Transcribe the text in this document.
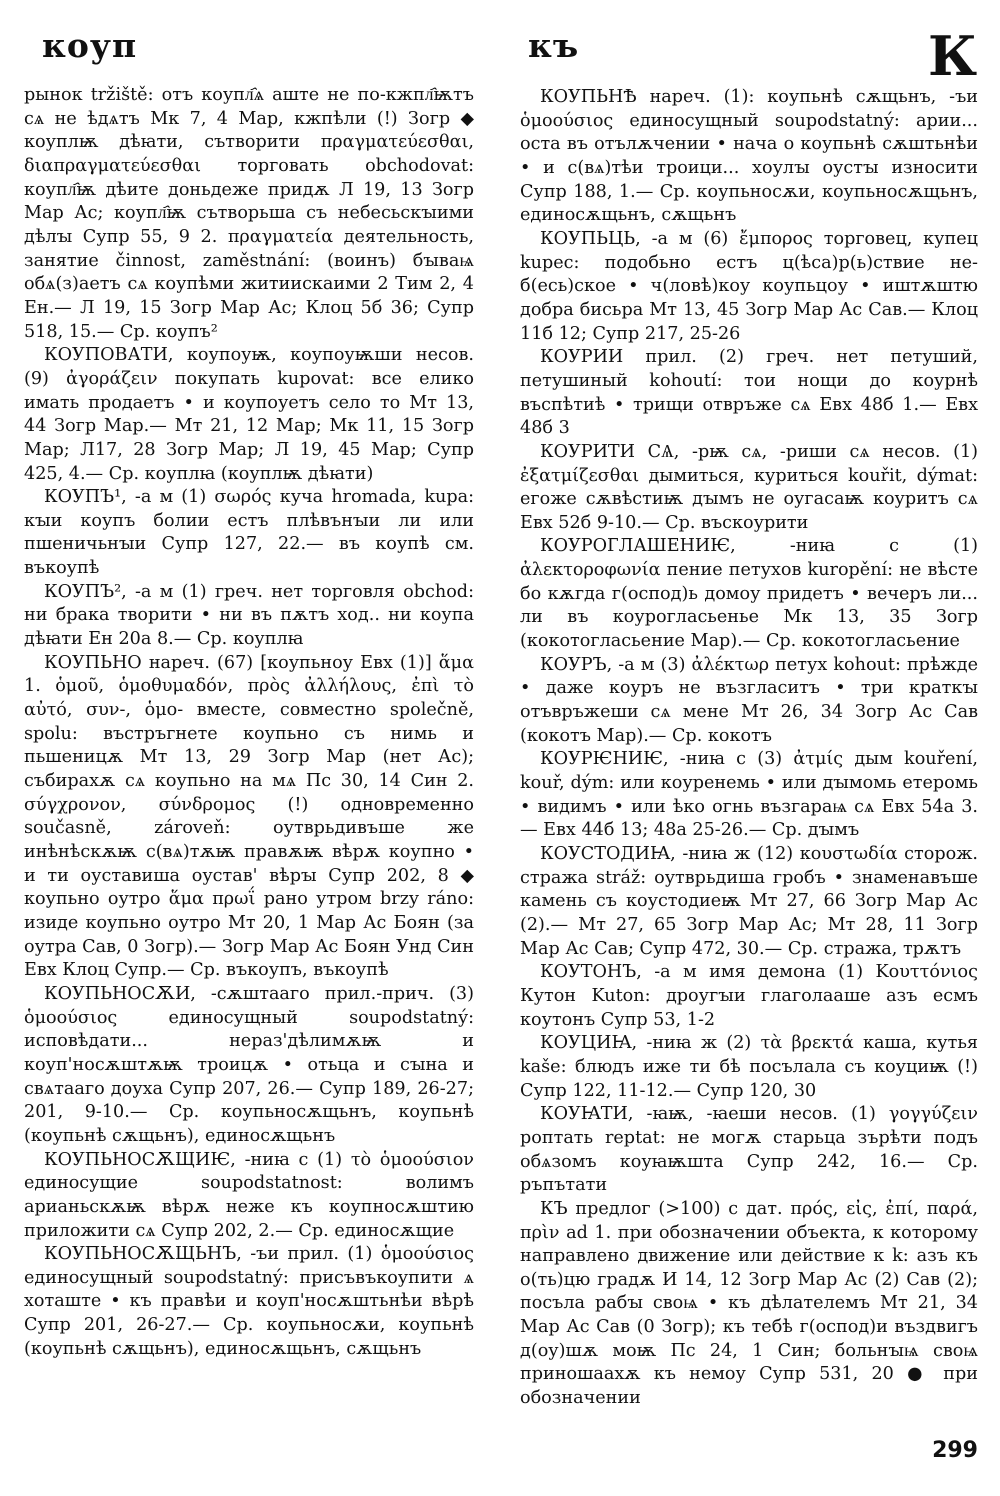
коуп	къ	К

рынок tržiště: отъ коупл҄ѧ аште не по-кжпл҄ѭтъ сѧ не ѣдѧтъ Мк 7, 4 Мар, кжпѣли (!) Зогр ◆ коуплѭ дѣꙗти, сътворити πραγματεύεσθαι, διαπραγματεύεσθαι торговать obchodovat: коупл҄ѭ дѣите доньдеже придѫ Л 19, 13 Зогр Мар Ас; коупл҄ѭ сътворьша съ небесьскꙑими дѣлꙑ Супр 55, 9 2. πραγματεία деятельность, занятие činnost, zaměstnání: (воинъ) бꙑваѩ обѧ(з)аетъ сѧ коупѣми житиискаими 2 Тим 2, 4 Ен.— Л 19, 15 Зогр Мар Ас; Клоц 5б 36; Супр 518, 15.— Ср. коупъ²

КОУПОВАТИ, коупоуѭ, коупоуѭши несов. (9) ἀγοράζειν покупать kupovat: все елико имать продаетъ • и коупоуетъ село то Мт 13, 44 Зогр Мар.— Мт 21, 12 Мар; Мк 11, 15 Зогр Мар; Л17, 28 Зогр Мар; Л 19, 45 Мар; Супр 425, 4.— Ср. коуплꙗ (коуплѭ дѣꙗти)

КОУПЪ¹, -а м (1) σωρός куча hromada, kupa: кꙑи коупъ болии естъ плѣвънꙑи ли или пшеничьнꙑи Супр 127, 22.— въ коупѣ см. въкоупѣ

КОУПЪ², -а м (1) греч. нет торговля obchod: ни брака творити • ни въ пѫтъ ход.. ни коупа дѣꙗти Ен 20а 8.— Ср. коуплꙗ

КОУПЬНО нареч. (67) [коупьноу Евх (1)] ἅμα 1. ὁμοῦ, ὁμοθυμαδόν, πρὸς ἀλλήλους, ἐπὶ τὸ αὐτό, συν-, ὁμο- вместе, совместно společně, spolu: въстръгнете коупьно съ нимь и пьшеницѫ Мт 13, 29 Зогр Мар (нет Ас); събирахѫ сѧ коупьно на мѧ Пс 30, 14 Син 2. σύγχρονον, σύνδρομος (!) одновременно současně, zároveň: оутврьдивъше же инѣнѣскѫѭ с(вѧ)тѫѭ правѫѭ вѣрѫ коупно • и ти оуставиша оустав' вѣрꙑ Супр 202, 8 ◆ коупьно оутро ἅμα πρωΐ рано утром brzy ráno: изиде коупьно оутро Мт 20, 1 Мар Ас Боян (за оутра Сав, 0 Зогр).— Зогр Мар Ас Боян Унд Син Евх Клоц Супр.— Ср. въкоупъ, въкоупѣ

КОУПЬНОСѪИ, -сѫштааго прил.-прич. (3) ὁμοούσιος единосущный soupodstatný: исповѣдати... нераз'дѣлимѫѭ и коуп'носѫштѫѭ троицѫ • отьца и сꙑна и свѧтааго доуха Супр 207, 26.— Супр 189, 26-27; 201, 9-10.— Ср. коупьносѫщьнъ, коупьнѣ (коупьнѣ сѫщьнъ), единосѫщьнъ

КОУПЬНОСѪЩИѤ, -ниꙗ с (1) τὸ ὁμοούσιον единосущие soupodstatnost: волимъ арианьскѫѭ вѣрѫ неже къ коупносѫштию приложити сѧ Супр 202, 2.— Ср. единосѫщие

КОУПЬНОСѪЩЬНЪ, -ъи прил. (1) ὁμοούσιος единосущный soupodstatný: присъвъкоупити ѧ хоташте • къ правѣи и коуп'носѫштьнѣи вѣрѣ Супр 201, 26-27.— Ср. коупьносѫи, коупьнѣ (коупьнѣ сѫщьнъ), единосѫщьнъ, сѫщьнъ

КОУПЬНѢ нареч. (1): коупьнѣ сѫщьнъ, -ъи ὁμοούσιος единосущный soupodstatný: арии... оста въ отълѫчении • нача о коупьнѣ сѫштьнѣи • и с(вѧ)тѣи троици... хоулꙑ оустꙑ износити Супр 188, 1.— Ср. коупьносѫи, коупьносѫщьнъ, единосѫщьнъ, сѫщьнъ

КОУПЬЦЬ, -а м (6) ἔμπορος торговец, купец kupec: подобьно естъ ц(ѣса)р(ь)ствие не-б(есь)ское • ч(ловѣ)коу коупьцоу • иштѫштю добра бисьра Мт 13, 45 Зогр Мар Ас Сав.— Клоц 11б 12; Супр 217, 25-26

КОУРИИ прил. (2) греч. нет петуший, петушиный kohoutí: тои нощи до коурнѣ въспѣтиѣ • трищи отвръже сѧ Евх 48б 1.— Евх 48б 3

КОУРИТИ СѦ, -рѭ сѧ, -риши сѧ несов. (1) ἐξατμίζεσθαι дымиться, куриться kouřit, dýmat: егоже сѫвѣстиѭ дꙑмъ не оугасаѭ коуритъ сѧ Евх 52б 9-10.— Ср. въскоурити

КОУРОГЛАШЕНИѤ, -ниꙗ с (1) ἀλεκτοροφωνία пение петухов kuropění: не вѣсте бо кѫгда г(оспод)ь домоу придетъ • вечеръ ли... ли въ коурогласьенье Мк 13, 35 Зогр (кокотогласьение Мар).— Ср. кокотогласьение

КОУРЪ, -а м (3) ἀλέκτωρ петух kohout: прѣжде • даже коуръ не възгласитъ • три краткꙑ отъвръжеши сѧ мене Мт 26, 34 Зогр Ас Сав (кокотъ Мар).— Ср. кокотъ

КОУРѤНИѤ, -ниꙗ с (3) ἀτμίς дым kouření, kouř, dým: или коуренемь • или дꙑмомь етеромь • видимъ • или ѣко огнь възгараѩ сѧ Евх 54а 3.— Евх 44б 13; 48а 25-26.— Ср. дꙑмъ

КОУСТОДИꙖ, -ниꙗ ж (12) κουστωδία сторож. стража stráž: оутврьдиша гробъ • знаменавъше камень съ коустодиеѭ Мт 27, 66 Зогр Мар Ас (2).— Мт 27, 65 Зогр Мар Ас; Мт 28, 11 Зогр Мар Ас Сав; Супр 472, 30.— Ср. стража, трѫтъ

КОУТОНЪ, -а м имя демона (1) Κουττόνιος Кутон Kuton: дроугꙑи глаголааше азъ есмъ коутонъ Супр 53, 1-2

КОУЦИꙖ, -ниꙗ ж (2) τὰ βρεκτά каша, кутья kaše: блюдъ иже ти бѣ посълала съ коуциѭ (!) Супр 122, 11-12.— Супр 120, 30

КОУꙖТИ, -ꙗѭ, -ꙗеши несов. (1) γογγύζειν роптать reptat: не могѫ старьца зърѣти подъ обѧзомъ коуꙗѭшта Супр 242, 16.— Ср. ръпътати

КЪ предлог (>100) с дат. πρός, εἰς, ἐπί, παρά, πρὶν ad 1. при обозначении объекта, к которому направлено движение или действие к k: азъ къ о(ть)цю градѫ И 14, 12 Зогр Мар Ас (2) Сав (2); посъла рабꙑ своѩ • къ дѣлателемъ Мт 21, 34 Мар Ас Сав (0 Зогр); къ тебѣ г(оспод)и въздвигъ д(оу)шѫ моѭ Пс 24, 1 Син; больнꙑѩ своѩ приношаахѫ къ немоу Супр 531, 20 ● при обозначении

299
